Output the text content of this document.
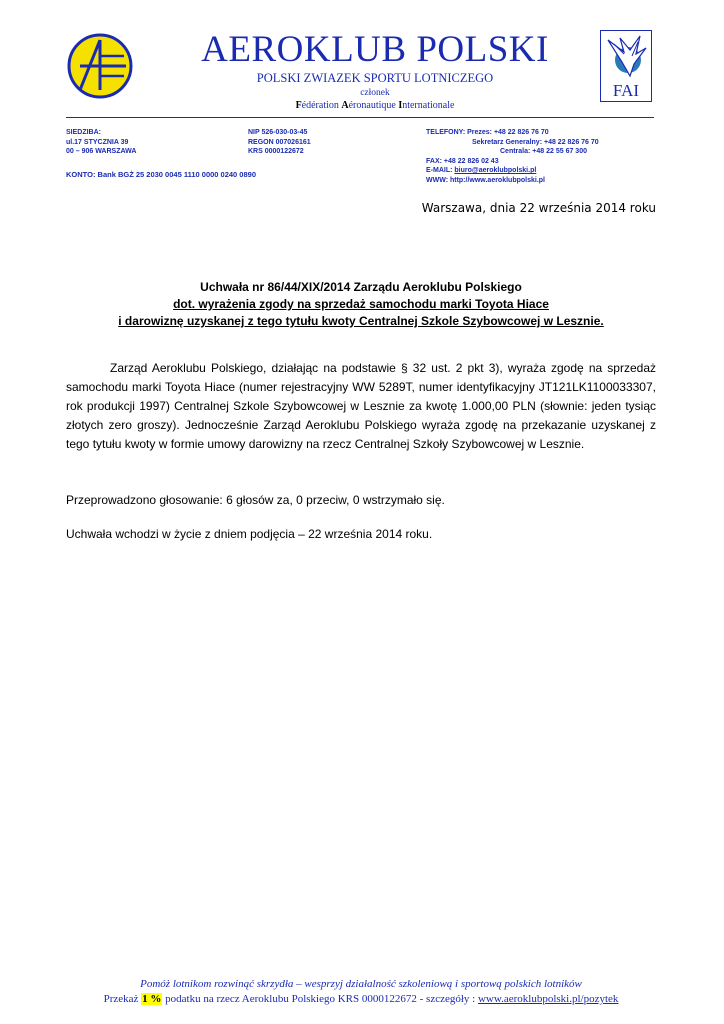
FAI
AEROKLUB POLSKI
POLSKI ZWIAZEK SPORTU LOTNICZEGO
członek
Fédération Aéronautique Internationale
SIEDZIBA:
ul.17 STYCZNIA 39
00 – 906 WARSZAWA
NIP 526-030-03-45
REGON 007026161
KRS 0000122672
KONTO: Bank BGŻ 25 2030 0045 1110 0000 0240 0890
TELEFONY: Prezes: +48 22 826 76 70
Sekretarz Generalny: +48 22 826 76 70
Centrala: +48 22 55 67 300
FAX: +48 22 826 02 43
E-MAIL: biuro@aeroklubpolski.pl
WWW: http://www.aeroklubpolski.pl
Warszawa, dnia 22 września 2014 roku
Uchwała nr 86/44/XIX/2014 Zarządu Aeroklubu Polskiego
dot. wyrażenia zgody na sprzedaż samochodu marki Toyota Hiace
i darowiznę uzyskanej z tego tytułu kwoty Centralnej Szkole Szybowcowej w Lesznie.
Zarząd Aeroklubu Polskiego, działając na podstawie § 32 ust. 2 pkt 3), wyraża zgodę na sprzedaż samochodu marki Toyota Hiace (numer rejestracyjny WW 5289T, numer identyfikacyjny JT121LK1100033307, rok produkcji 1997) Centralnej Szkole Szybowcowej w Lesznie za kwotę 1.000,00 PLN (słownie: jeden tysiąc złotych zero groszy). Jednocześnie Zarząd Aeroklubu Polskiego wyraża zgodę na przekazanie uzyskanej z tego tytułu kwoty w formie umowy darowizny na rzecz Centralnej Szkoły Szybowcowej w Lesznie.
Przeprowadzono głosowanie: 6 głosów za, 0 przeciw, 0 wstrzymało się.
Uchwała wchodzi w życie z dniem podjęcia – 22 września 2014 roku.
Pomóż lotnikom rozwinąć skrzydła – wesprzyj działalność szkoleniową i sportową polskich lotników
Przekaż 1 % podatku na rzecz Aeroklubu Polskiego KRS 0000122672 - szczegóły : www.aeroklubpolski.pl/pozytek
